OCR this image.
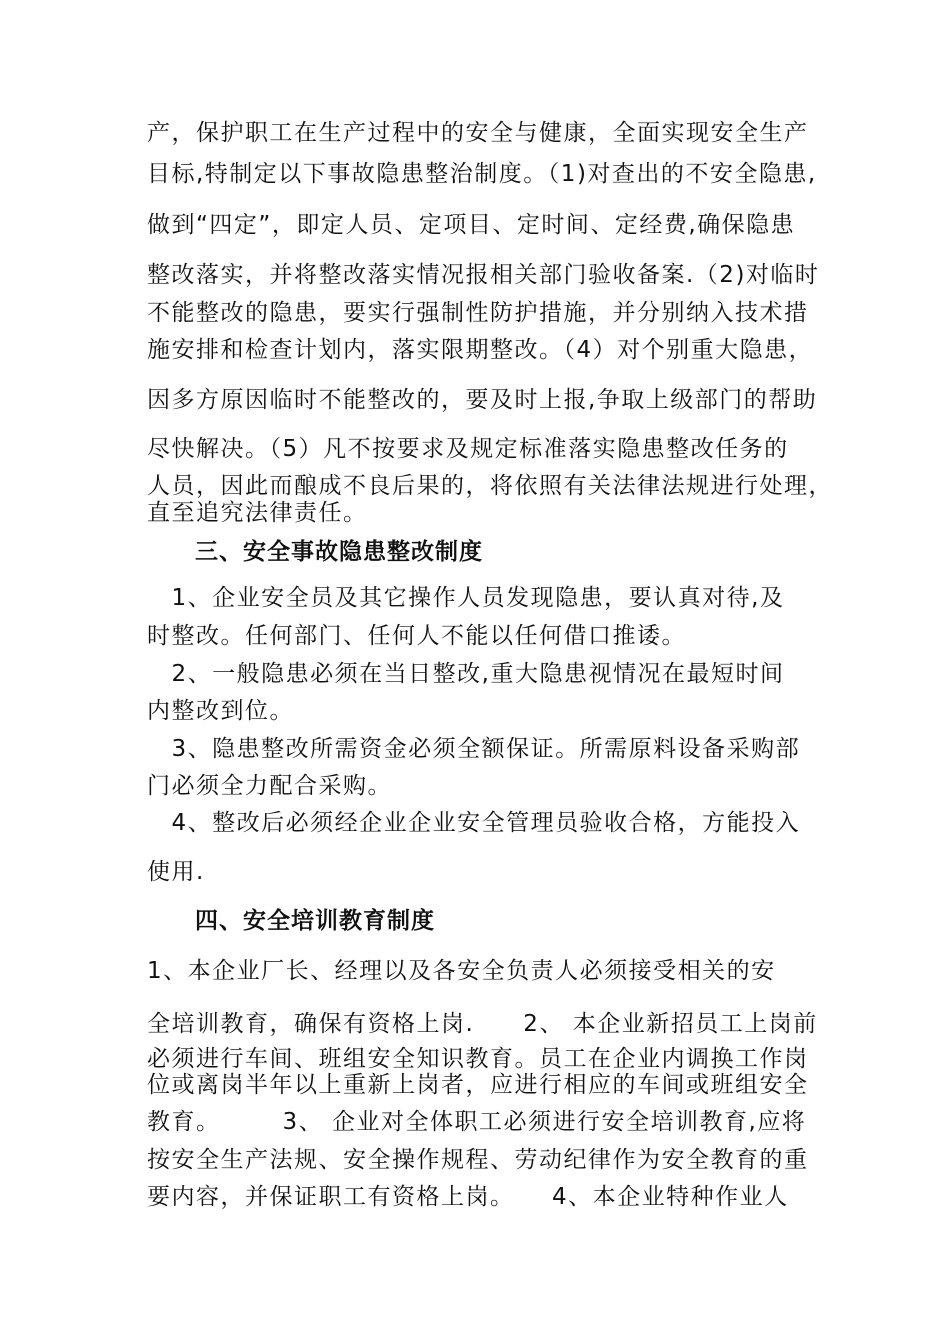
产，保护职工在生产过程中的安全与健康，全面实现安全生产
目标,特制定以下事故隐患整治制度。（1)对查出的不安全隐患,
做到“四定”，即定人员、定项目、定时间、定经费,确保隐患
整改落实，并将整改落实情况报相关部门验收备案.（2)对临时
不能整改的隐患，要实行强制性防护措施，并分别纳入技术措
施安排和检查计划内，落实限期整改。（4）对个别重大隐患，
因多方原因临时不能整改的，要及时上报,争取上级部门的帮助
尽快解决。（5）凡不按要求及规定标准落实隐患整改任务的
人员，因此而酿成不良后果的，将依照有关法律法规进行处理，
直至追究法律责任。
三、安全事故隐患整改制度
　1、企业安全员及其它操作人员发现隐患，要认真对待,及
时整改。任何部门、任何人不能以任何借口推诿。
　2、一般隐患必须在当日整改,重大隐患视情况在最短时间
内整改到位。
　3、隐患整改所需资金必须全额保证。所需原料设备采购部
门必须全力配合采购。
　4、整改后必须经企业企业安全管理员验收合格，方能投入
使用.
四、安全培训教育制度
1、本企业厂长、经理以及各安全负责人必须接受相关的安
全培训教育，确保有资格上岗.　　2、 本企业新招员工上岗前
必须进行车间、班组安全知识教育。员工在企业内调换工作岗
位或离岗半年以上重新上岗者，应进行相应的车间或班组安全
教育。　　　3、 企业对全体职工必须进行安全培训教育,应将
按安全生产法规、安全操作规程、劳动纪律作为安全教育的重
要内容，并保证职工有资格上岗。　　4、本企业特种作业人
